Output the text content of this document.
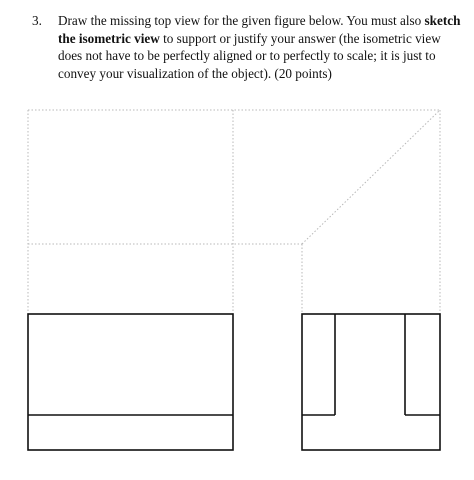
3. Draw the missing top view for the given figure below. You must also sketch the isometric view to support or justify your answer (the isometric view does not have to be perfectly aligned or to perfectly to scale; it is just to convey your visualization of the object). (20 points)
